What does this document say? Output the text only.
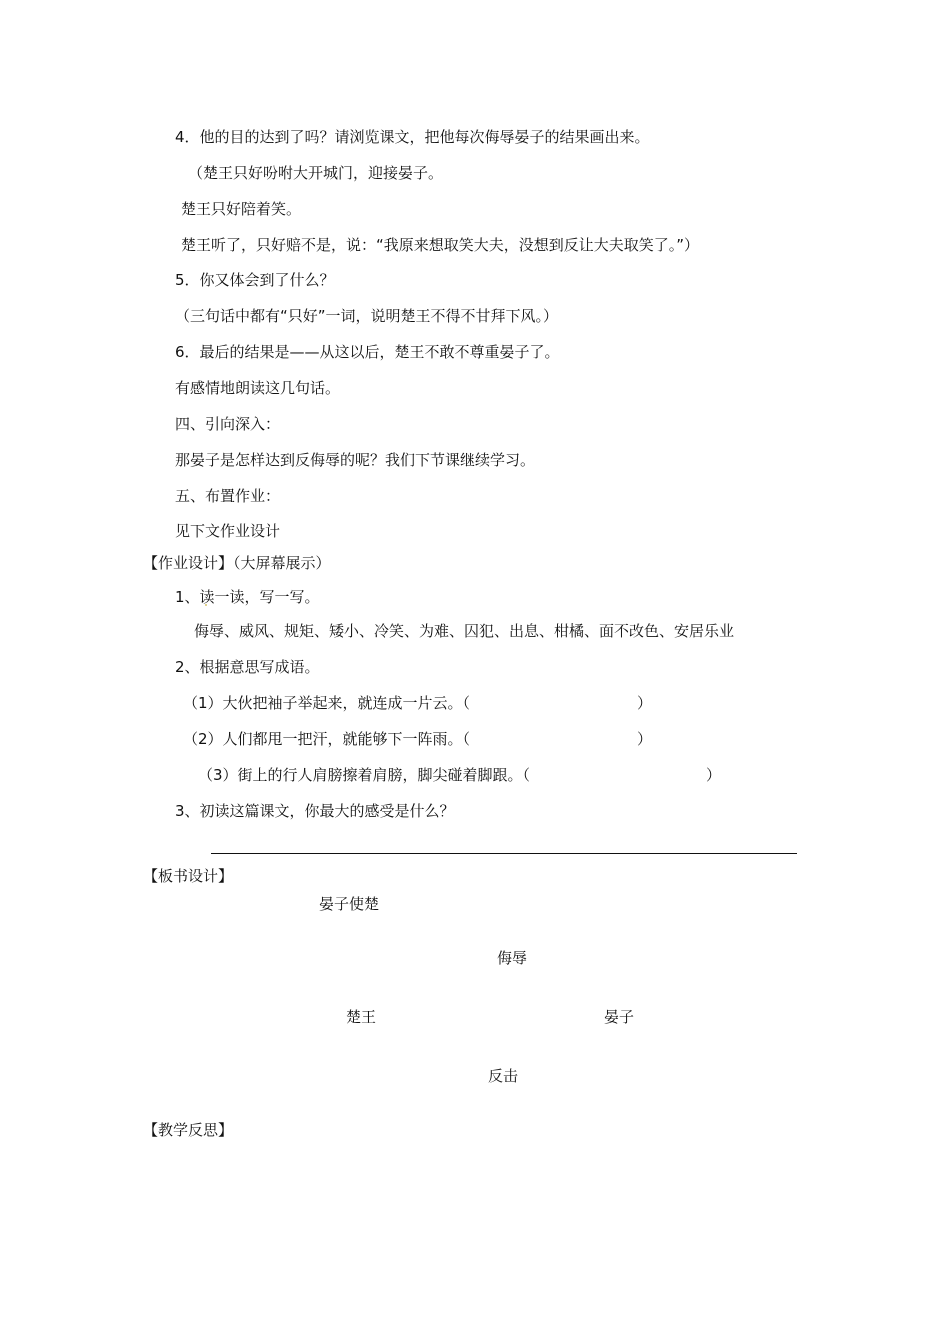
4．他的目的达到了吗？请浏览课文，把他每次侮辱晏子的结果画出来。
（楚王只好吩咐大开城门，迎接晏子。
楚王只好陪着笑。
楚王听了，只好赔不是，说：“我原来想取笑大夫，没想到反让大夫取笑了。”）
5．你又体会到了什么？
（三句话中都有“只好”一词，说明楚王不得不甘拜下风。）
6．最后的结果是——从这以后，楚王不敢不尊重晏子了。
有感情地朗读这几句话。
四、引向深入：
那晏子是怎样达到反侮辱的呢？我们下节课继续学习。
五、布置作业：
见下文作业设计
【作业设计】（大屏幕展示）
1、读一读，写一写。
侮辱、威风、规矩、矮小、冷笑、为难、囚犯、出息、柑橘、面不改色、安居乐业
2、根据意思写成语。
（1）大伙把袖子举起来，就连成一片云。（	）
（2）人们都甩一把汗，就能够下一阵雨。（	）
（3）街上的行人肩膀擦着肩膀，脚尖碰着脚跟。（	）
3、初读这篇课文，你最大的感受是什么？
【板书设计】
晏子使楚
侮辱
楚王	晏子
反击
【教学反思】
